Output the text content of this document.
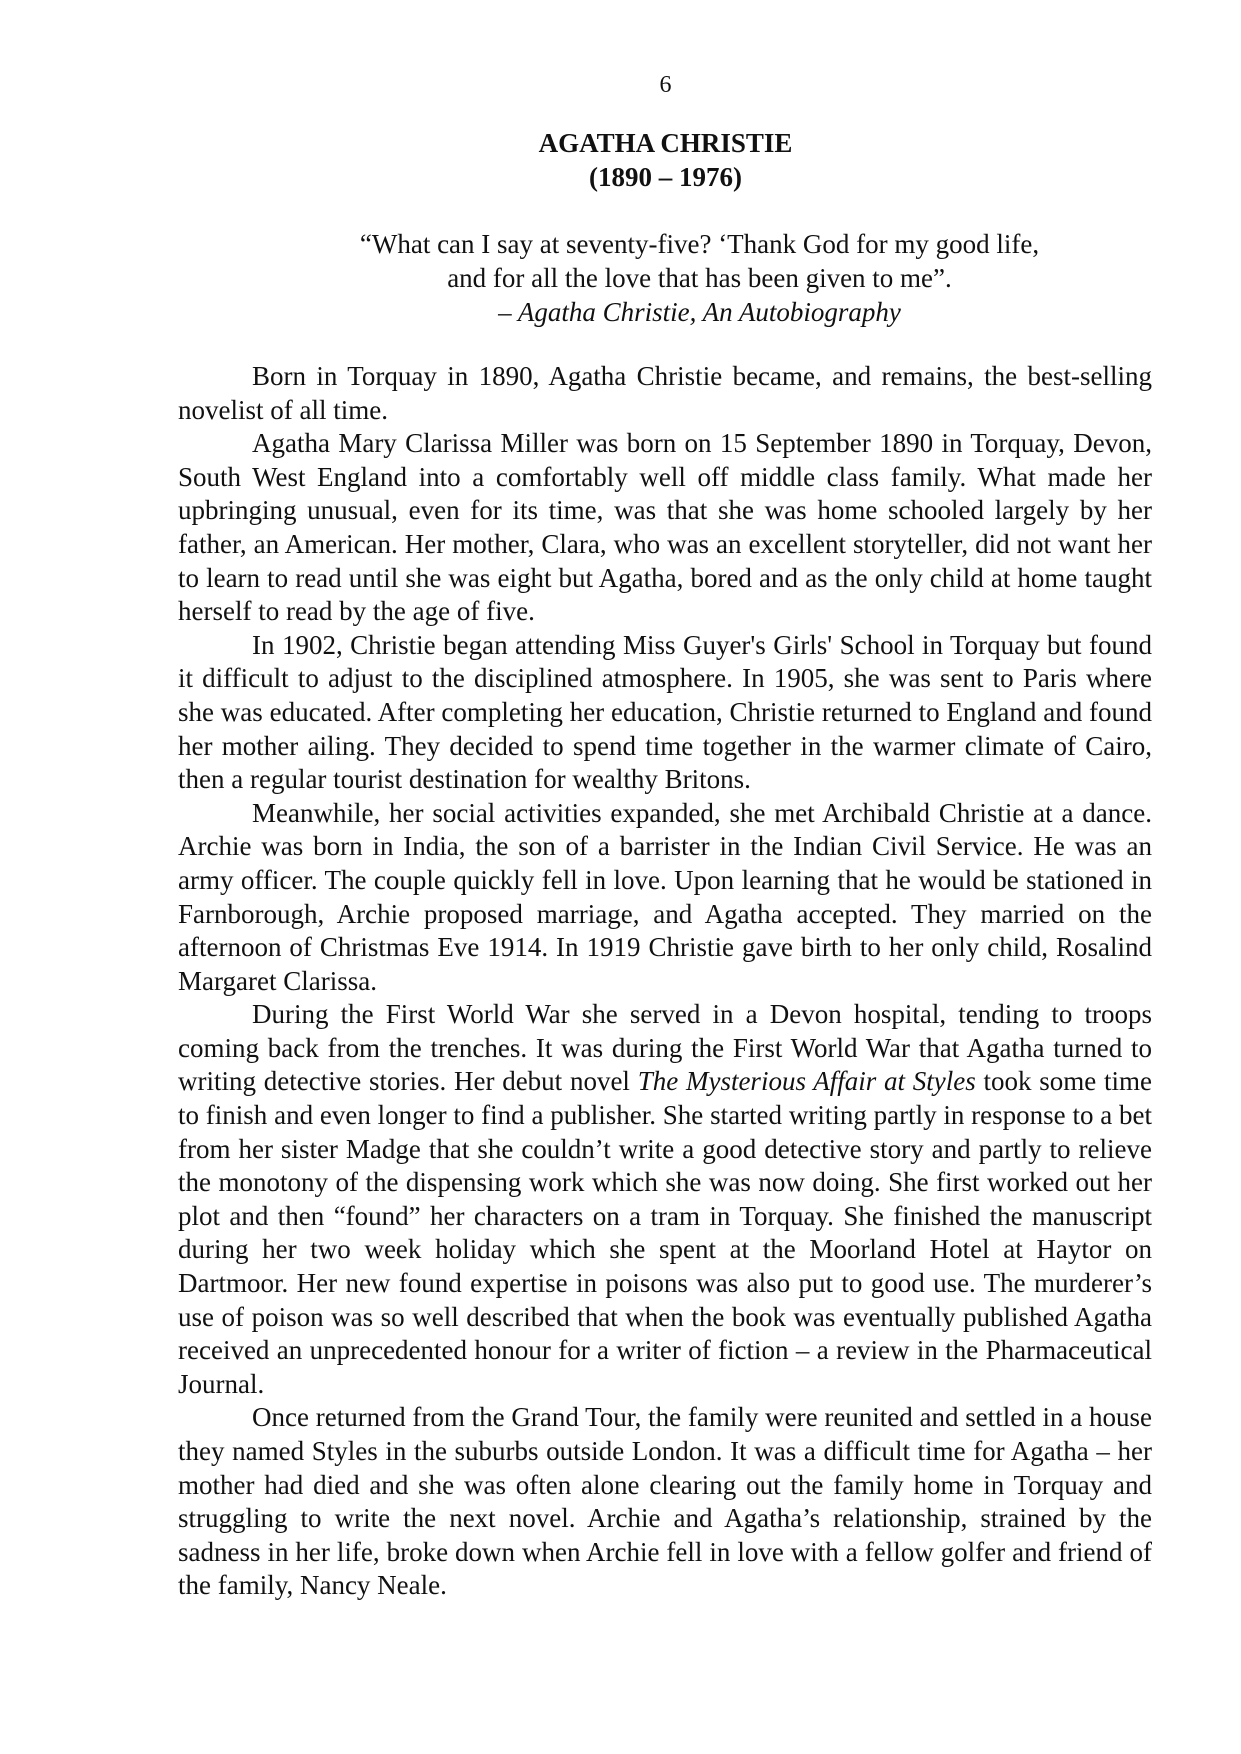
6
AGATHA CHRISTIE
(1890 – 1976)
“What can I say at seventy-five? ‘Thank God for my good life,
and for all the love that has been given to me”.
– Agatha Christie, An Autobiography

Born in Torquay in 1890, Agatha Christie became, and remains, the best-selling novelist of all time.

Agatha Mary Clarissa Miller was born on 15 September 1890 in Torquay, Devon, South West England into a comfortably well off middle class family. What made her upbringing unusual, even for its time, was that she was home schooled largely by her father, an American. Her mother, Clara, who was an excellent storyteller, did not want her to learn to read until she was eight but Agatha, bored and as the only child at home taught herself to read by the age of five.

In 1902, Christie began attending Miss Guyer's Girls' School in Torquay but found it difficult to adjust to the disciplined atmosphere. In 1905, she was sent to Paris where she was educated. After completing her education, Christie returned to England and found her mother ailing. They decided to spend time together in the warmer climate of Cairo, then a regular tourist destination for wealthy Britons.

Meanwhile, her social activities expanded, she met Archibald Christie at a dance. Archie was born in India, the son of a barrister in the Indian Civil Service. He was an army officer. The couple quickly fell in love. Upon learning that he would be stationed in Farnborough, Archie proposed marriage, and Agatha accepted. They married on the afternoon of Christmas Eve 1914. In 1919 Christie gave birth to her only child, Rosalind Margaret Clarissa.

During the First World War she served in a Devon hospital, tending to troops coming back from the trenches. It was during the First World War that Agatha turned to writing detective stories. Her debut novel The Mysterious Affair at Styles took some time to finish and even longer to find a publisher. She started writing partly in response to a bet from her sister Madge that she couldn’t write a good detective story and partly to relieve the monotony of the dispensing work which she was now doing. She first worked out her plot and then “found” her characters on a tram in Torquay. She finished the manuscript during her two week holiday which she spent at the Moorland Hotel at Haytor on Dartmoor. Her new found expertise in poisons was also put to good use. The murderer’s use of poison was so well described that when the book was eventually published Agatha received an unprecedented honour for a writer of fiction – a review in the Pharmaceutical Journal.

Once returned from the Grand Tour, the family were reunited and settled in a house they named Styles in the suburbs outside London. It was a difficult time for Agatha – her mother had died and she was often alone clearing out the family home in Torquay and struggling to write the next novel. Archie and Agatha’s relationship, strained by the sadness in her life, broke down when Archie fell in love with a fellow golfer and friend of the family, Nancy Neale.
